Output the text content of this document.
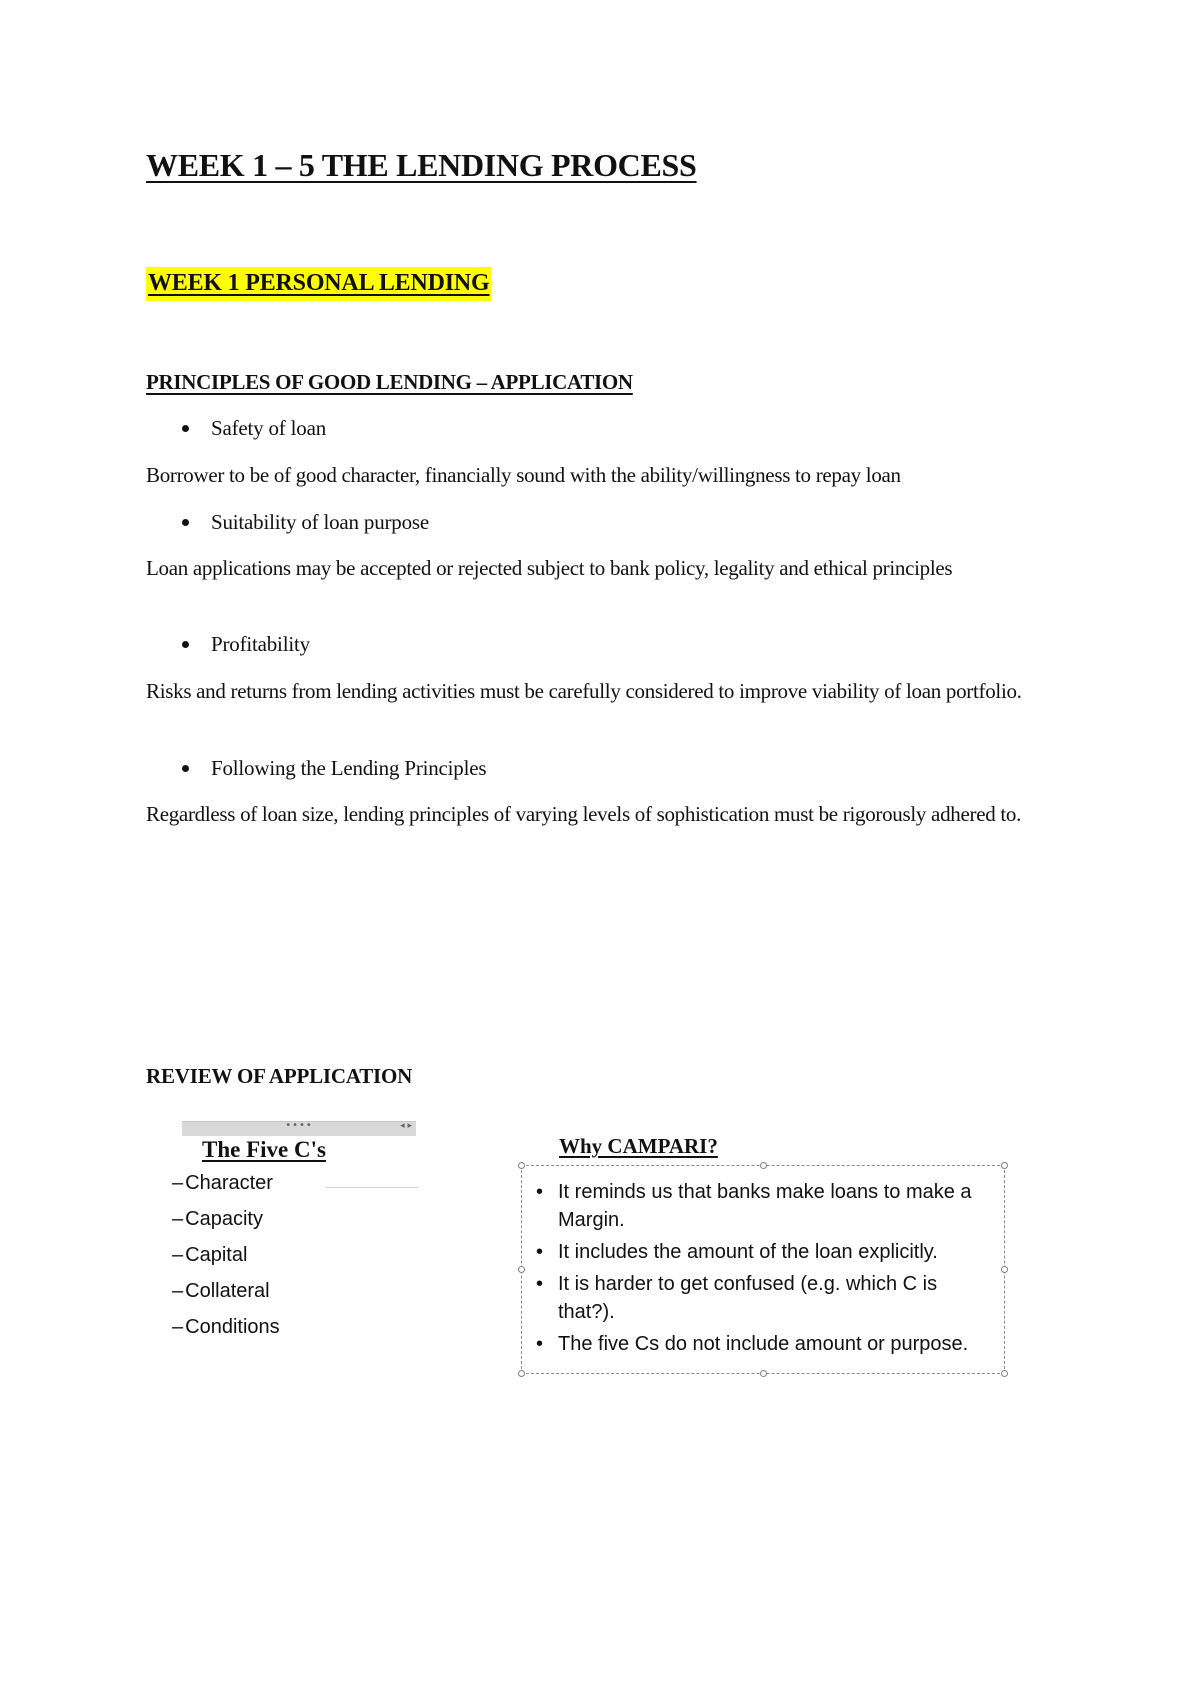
WEEK 1 – 5 THE LENDING PROCESS
WEEK 1 PERSONAL LENDING
PRINCIPLES OF GOOD LENDING – APPLICATION
Safety of loan

Borrower to be of good character, financially sound with the ability/willingness to repay loan

Suitability of loan purpose

Loan applications may be accepted or rejected subject to bank policy, legality and ethical principles

Profitability

Risks and returns from lending activities must be carefully considered to improve viability of loan portfolio.

Following the Lending Principles

Regardless of loan size, lending principles of varying levels of sophistication must be rigorously adhered to.

REVIEW OF APPLICATION
••••	◂ ▸
The Five C's
– Character
– Capacity
– Capital
– Collateral
– Conditions
Why CAMPARI?
• It reminds us that banks make loans to make a Margin.
• It includes the amount of the loan explicitly.
• It is harder to get confused (e.g. which C is that?).
• The five Cs do not include amount or purpose.
